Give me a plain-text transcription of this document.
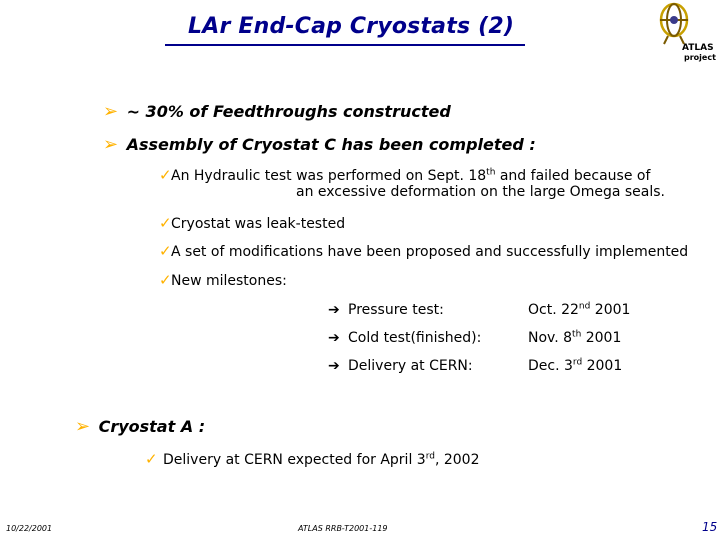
LAr End-Cap Cryostats (2)
ATLAS
project
➢ ~ 30% of Feedthroughs constructed
➢ Assembly of Cryostat C has been completed :
✓An Hydraulic test was performed on Sept. 18th and failed because of
an excessive deformation on the large Omega seals.
✓Cryostat was leak-tested
✓A set of modifications have been proposed and successfully implemented
✓New milestones:
➔ Pressure test:	Oct. 22nd 2001
➔ Cold test(finished):	Nov. 8th 2001
➔ Delivery at CERN:	Dec. 3rd 2001
➢ Cryostat A :
✓ Delivery at CERN expected for April 3rd, 2002
10/22/2001	ATLAS RRB-T2001-119	15
